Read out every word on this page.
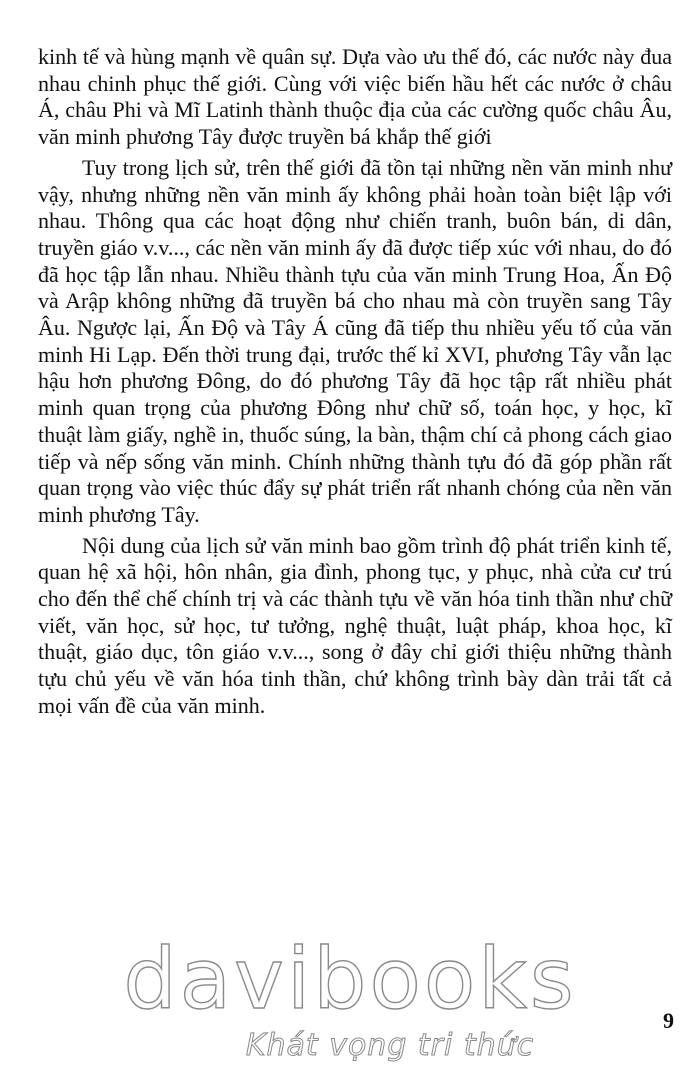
kinh tế và hùng mạnh về quân sự. Dựa vào ưu thế đó, các nước này đua nhau chinh phục thế giới. Cùng với việc biến hầu hết các nước ở châu Á, châu Phi và Mĩ Latinh thành thuộc địa của các cường quốc châu Âu, văn minh phương Tây được truyền bá khắp thế giới

Tuy trong lịch sử, trên thế giới đã tồn tại những nền văn minh như vậy, nhưng những nền văn minh ấy không phải hoàn toàn biệt lập với nhau. Thông qua các hoạt động như chiến tranh, buôn bán, di dân, truyền giáo v.v..., các nền văn minh ấy đã được tiếp xúc với nhau, do đó đã học tập lẫn nhau. Nhiều thành tựu của văn minh Trung Hoa, Ấn Độ và Arập không những đã truyền bá cho nhau mà còn truyền sang Tây Âu. Ngược lại, Ấn Độ và Tây Á cũng đã tiếp thu nhiều yếu tố của văn minh Hi Lạp. Đến thời trung đại, trước thế kỉ XVI, phương Tây vẫn lạc hậu hơn phương Đông, do đó phương Tây đã học tập rất nhiều phát minh quan trọng của phương Đông như chữ số, toán học, y học, kĩ thuật làm giấy, nghề in, thuốc súng, la bàn, thậm chí cả phong cách giao tiếp và nếp sống văn minh. Chính những thành tựu đó đã góp phần rất quan trọng vào việc thúc đẩy sự phát triển rất nhanh chóng của nền văn minh phương Tây.

Nội dung của lịch sử văn minh bao gồm trình độ phát triển kinh tế, quan hệ xã hội, hôn nhân, gia đình, phong tục, y phục, nhà cửa cư trú cho đến thể chế chính trị và các thành tựu về văn hóa tinh thần như chữ viết, văn học, sử học, tư tưởng, nghệ thuật, luật pháp, khoa học, kĩ thuật, giáo dục, tôn giáo v.v..., song ở đây chỉ giới thiệu những thành tựu chủ yếu về văn hóa tinh thần, chứ không trình bày dàn trải tất cả mọi vấn đề của văn minh.

davibooks
Khát vọng tri thức
9
